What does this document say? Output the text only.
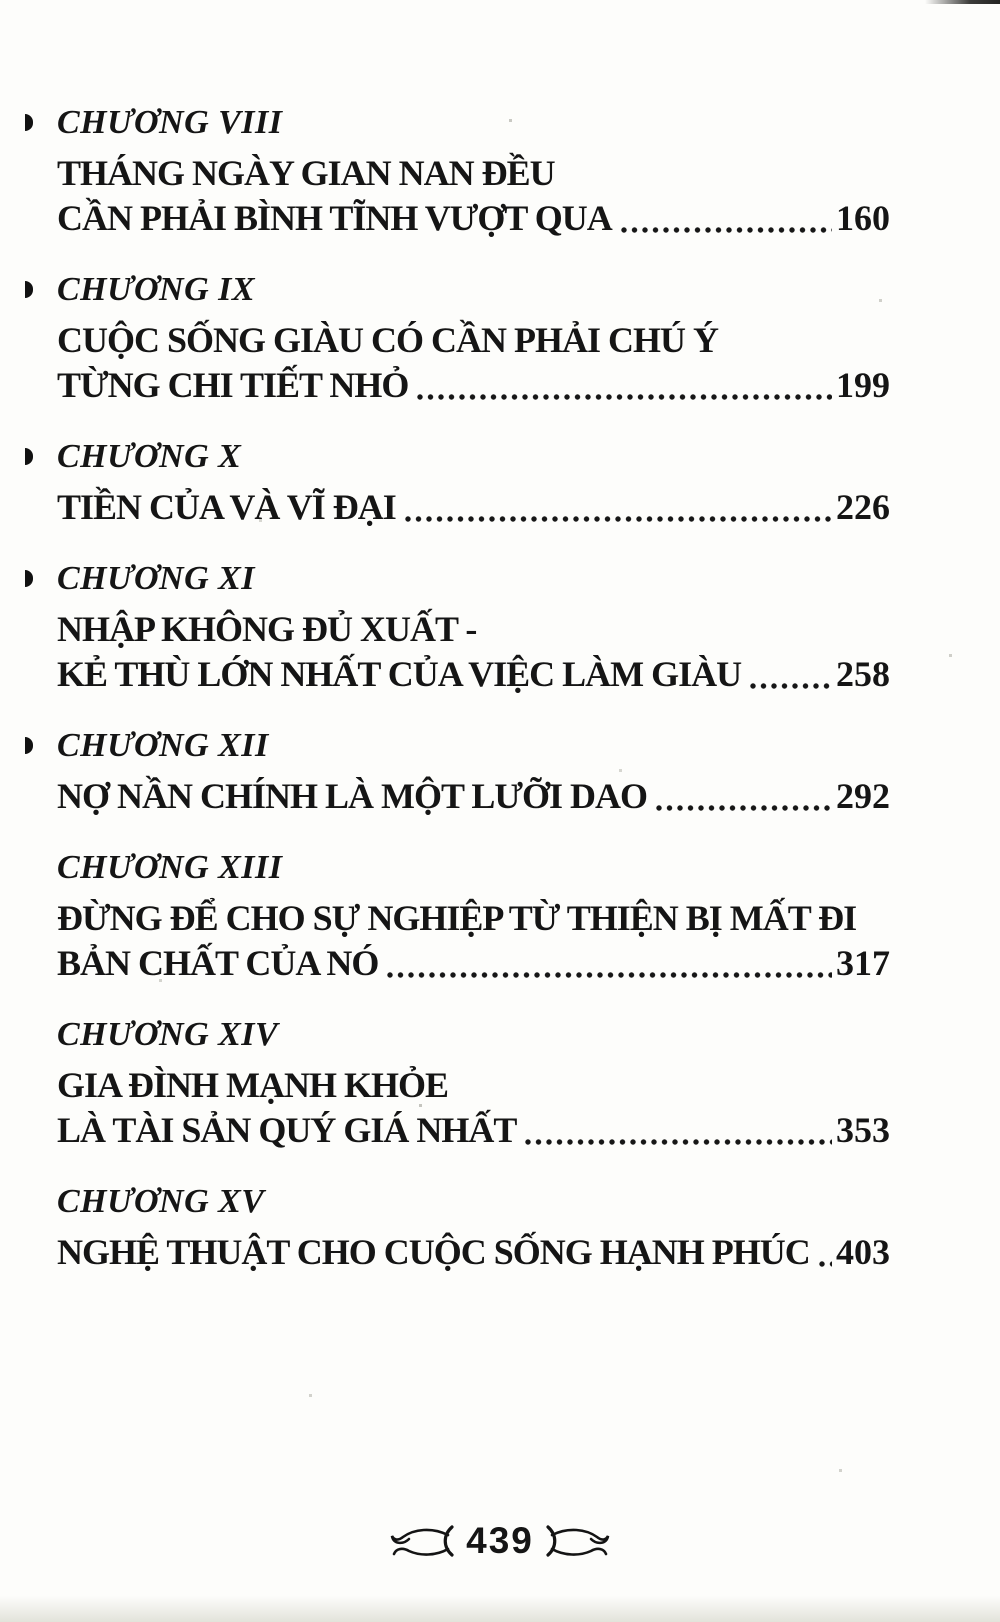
CHƯƠNG VIII
THÁNG NGÀY GIAN NAN ĐỀU
CẦN PHẢI BÌNH TĨNH VƯỢT QUA	160
CHƯƠNG IX
CUỘC SỐNG GIÀU CÓ CẦN PHẢI CHÚ Ý
TỪNG CHI TIẾT NHỎ	199
CHƯƠNG X
TIỀN CỦA VÀ VĨ ĐẠI	226
CHƯƠNG XI
NHẬP KHÔNG ĐỦ XUẤT -
KẺ THÙ LỚN NHẤT CỦA VIỆC LÀM GIÀU	258
CHƯƠNG XII
NỢ NẦN CHÍNH LÀ MỘT LƯỠI DAO	292
CHƯƠNG XIII
ĐỪNG ĐỂ CHO SỰ NGHIỆP TỪ THIỆN BỊ MẤT ĐI
BẢN CHẤT CỦA NÓ	317
CHƯƠNG XIV
GIA ĐÌNH MẠNH KHỎE
LÀ TÀI SẢN QUÝ GIÁ NHẤT	353
CHƯƠNG XV
NGHỆ THUẬT CHO CUỘC SỐNG HẠNH PHÚC 403
439
